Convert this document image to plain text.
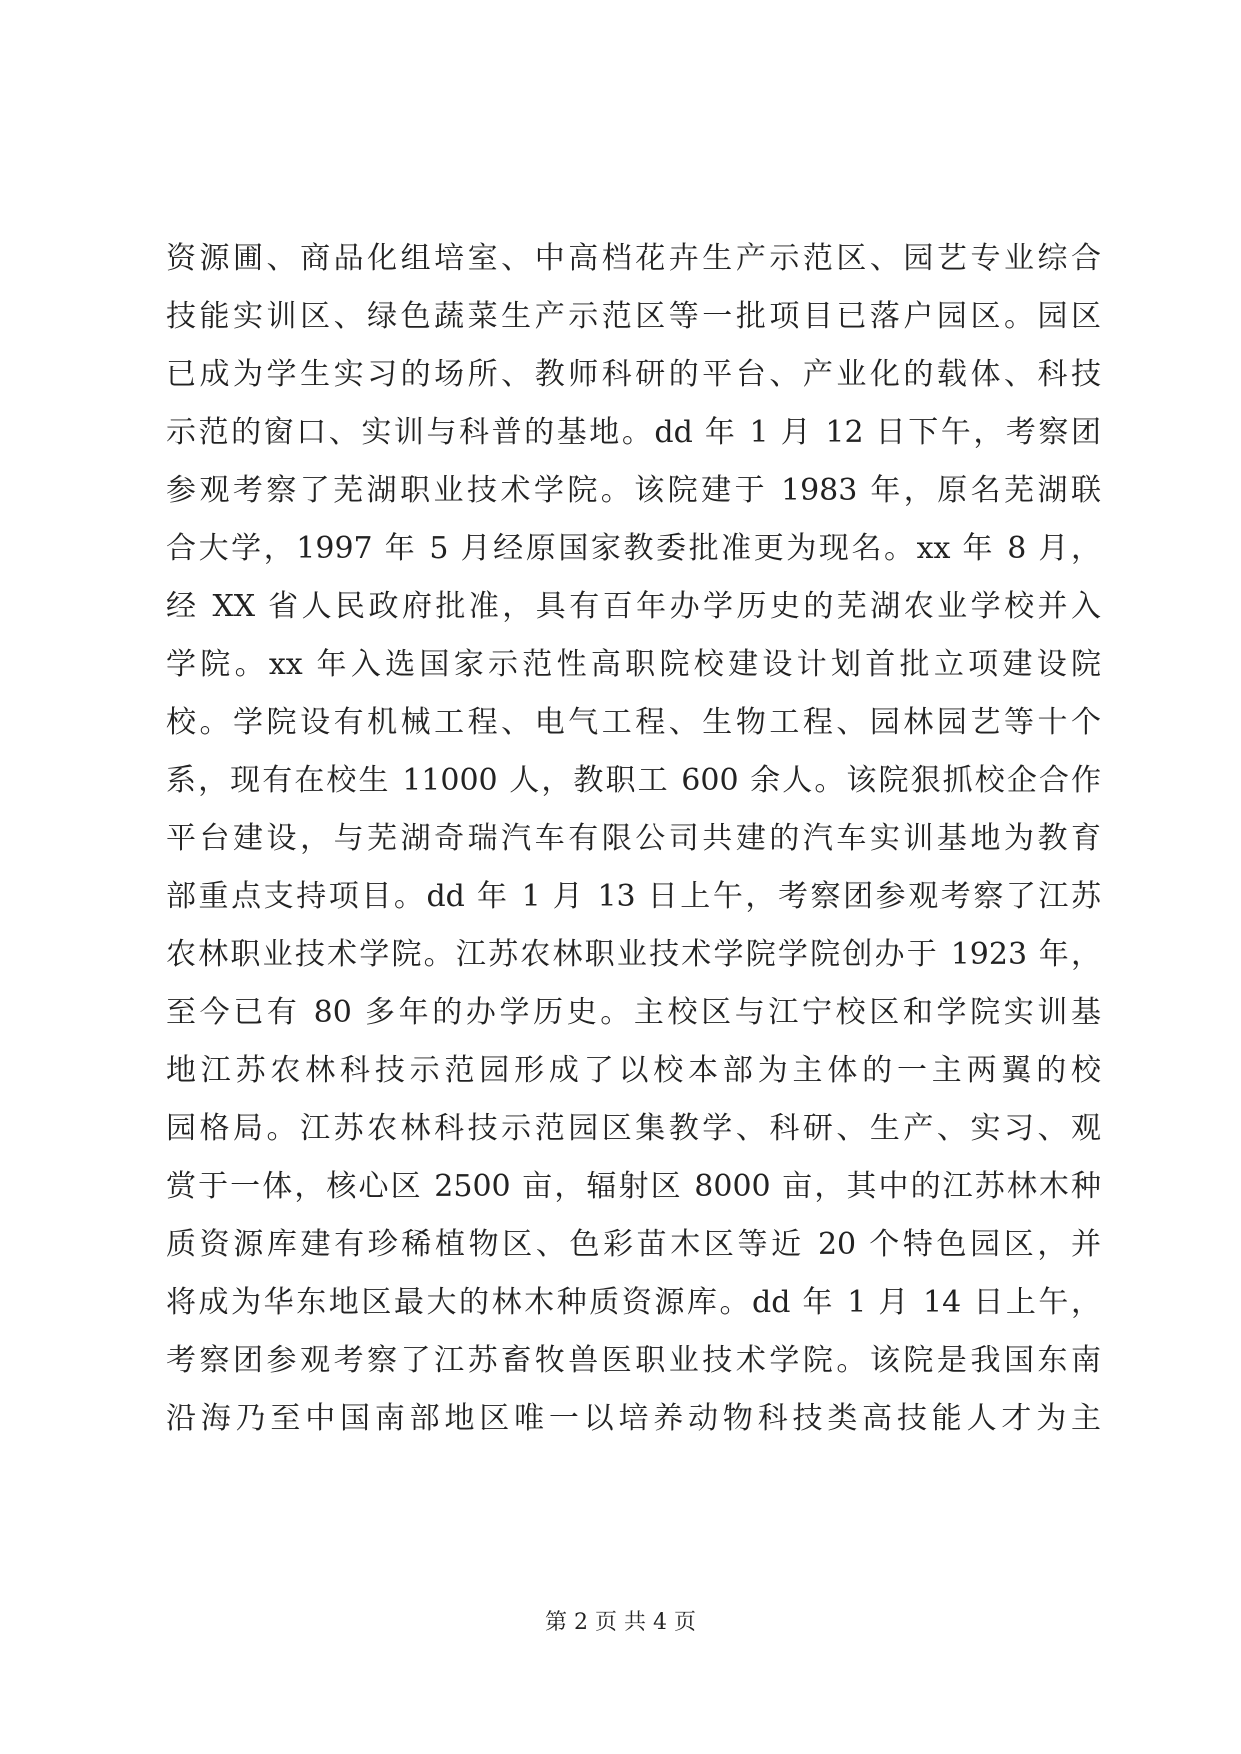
资源圃、商品化组培室、中高档花卉生产示范区、园艺专业综合
技能实训区、绿色蔬菜生产示范区等一批项目已落户园区。园区
已成为学生实习的场所、教师科研的平台、产业化的载体、科技
示范的窗口、实训与科普的基地。dd 年 1 月 12 日下午，考察团
参观考察了芜湖职业技术学院。该院建于 1983 年，原名芜湖联
合大学，1997 年 5 月经原国家教委批准更为现名。xx 年 8 月，
经 XX 省人民政府批准，具有百年办学历史的芜湖农业学校并入
学院。xx 年入选国家示范性高职院校建设计划首批立项建设院
校。学院设有机械工程、电气工程、生物工程、园林园艺等十个
系，现有在校生 11000 人，教职工 600 余人。该院狠抓校企合作
平台建设，与芜湖奇瑞汽车有限公司共建的汽车实训基地为教育
部重点支持项目。dd 年 1 月 13 日上午，考察团参观考察了江苏
农林职业技术学院。江苏农林职业技术学院学院创办于 1923 年，
至今已有 80 多年的办学历史。主校区与江宁校区和学院实训基
地江苏农林科技示范园形成了以校本部为主体的一主两翼的校
园格局。江苏农林科技示范园区集教学、科研、生产、实习、观
赏于一体，核心区 2500 亩，辐射区 8000 亩，其中的江苏林木种
质资源库建有珍稀植物区、色彩苗木区等近 20 个特色园区，并
将成为华东地区最大的林木种质资源库。dd 年 1 月 14 日上午，
考察团参观考察了江苏畜牧兽医职业技术学院。该院是我国东南
沿海乃至中国南部地区唯一以培养动物科技类高技能人才为主
第 2 页 共 4 页
